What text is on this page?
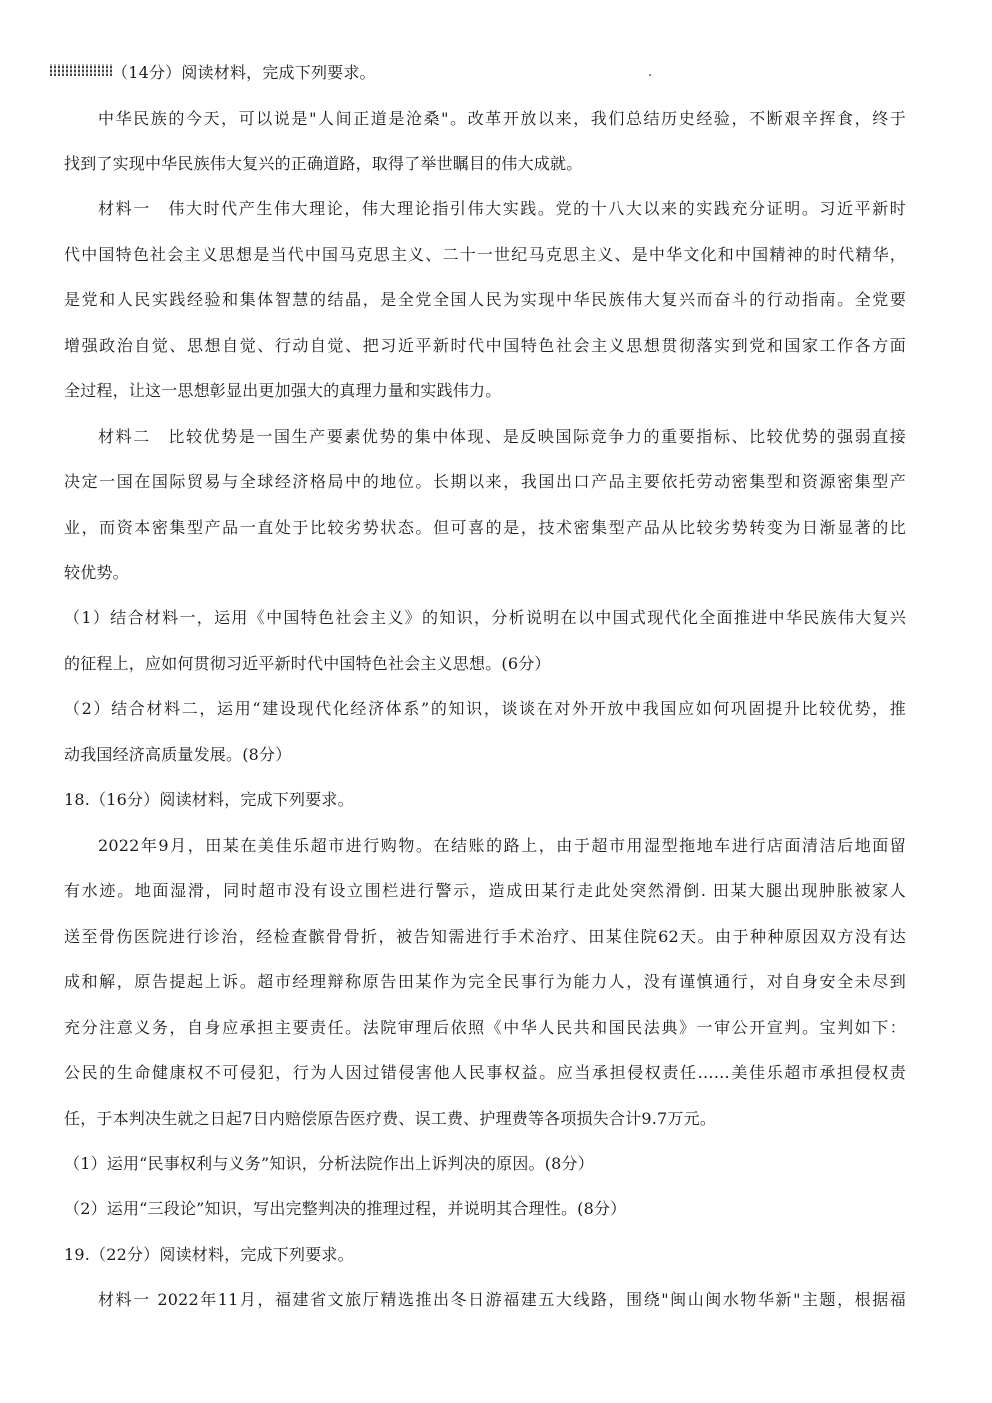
（14分）阅读材料，完成下列要求。
中华民族的今天，可以说是"人间正道是沧桑"。改革开放以来，我们总结历史经验，不断艰辛挥食，终于
找到了实现中华民族伟大复兴的正确道路，取得了举世瞩目的伟大成就。
材料一　伟大时代产生伟大理论，伟大理论指引伟大实践。党的十八大以来的实践充分证明。习近平新时
代中国特色社会主义思想是当代中国马克思主义、二十一世纪马克思主义、是中华文化和中国精神的时代精华，
是党和人民实践经验和集体智慧的结晶，是全党全国人民为实现中华民族伟大复兴而奋斗的行动指南。全党要
增强政治自觉、思想自觉、行动自觉、把习近平新时代中国特色社会主义思想贯彻落实到党和国家工作各方面
全过程，让这一思想彰显出更加强大的真理力量和实践伟力。
材料二　比较优势是一国生产要素优势的集中体现、是反映国际竞争力的重要指标、比较优势的强弱直接
决定一国在国际贸易与全球经济格局中的地位。长期以来，我国出口产品主要依托劳动密集型和资源密集型产
业，而资本密集型产品一直处于比较劣势状态。但可喜的是，技术密集型产品从比较劣势转变为日渐显著的比
较优势。
（1）结合材料一，运用《中国特色社会主义》的知识，分析说明在以中国式现代化全面推进中华民族伟大复兴
的征程上，应如何贯彻习近平新时代中国特色社会主义思想。(6分）
（2）结合材料二，运用“建设现代化经济体系”的知识，谈谈在对外开放中我国应如何巩固提升比较优势，推
动我国经济高质量发展。(8分）
18.（16分）阅读材料，完成下列要求。
2022年9月，田某在美佳乐超市进行购物。在结账的路上，由于超市用湿型拖地车进行店面清洁后地面留
有水迹。地面湿滑，同时超市没有设立围栏进行警示，造成田某行走此处突然滑倒. 田某大腿出现肿胀被家人
送至骨伤医院进行诊治，经检查髌骨骨折，被告知需进行手术治疗、田某住院62天。由于种种原因双方没有达
成和解，原告提起上诉。超市经理辩称原告田某作为完全民事行为能力人，没有谨慎通行，对自身安全未尽到
充分注意义务，自身应承担主要责任。法院审理后依照《中华人民共和国民法典》一审公开宣判。宝判如下：
公民的生命健康权不可侵犯，行为人因过错侵害他人民事权益。应当承担侵权责任……美佳乐超市承担侵权责
任，于本判决生就之日起7日内赔偿原告医疗费、误工费、护理费等各项损失合计9.7万元。
（1）运用“民事权利与义务”知识，分析法院作出上诉判决的原因。(8分）
（2）运用“三段论”知识，写出完整判决的推理过程，并说明其合理性。(8分）
19.（22分）阅读材料，完成下列要求。
材料一 2022年11月，福建省文旅厅精选推出冬日游福建五大线路，围绕"闽山闽水物华新"主题，根据福
